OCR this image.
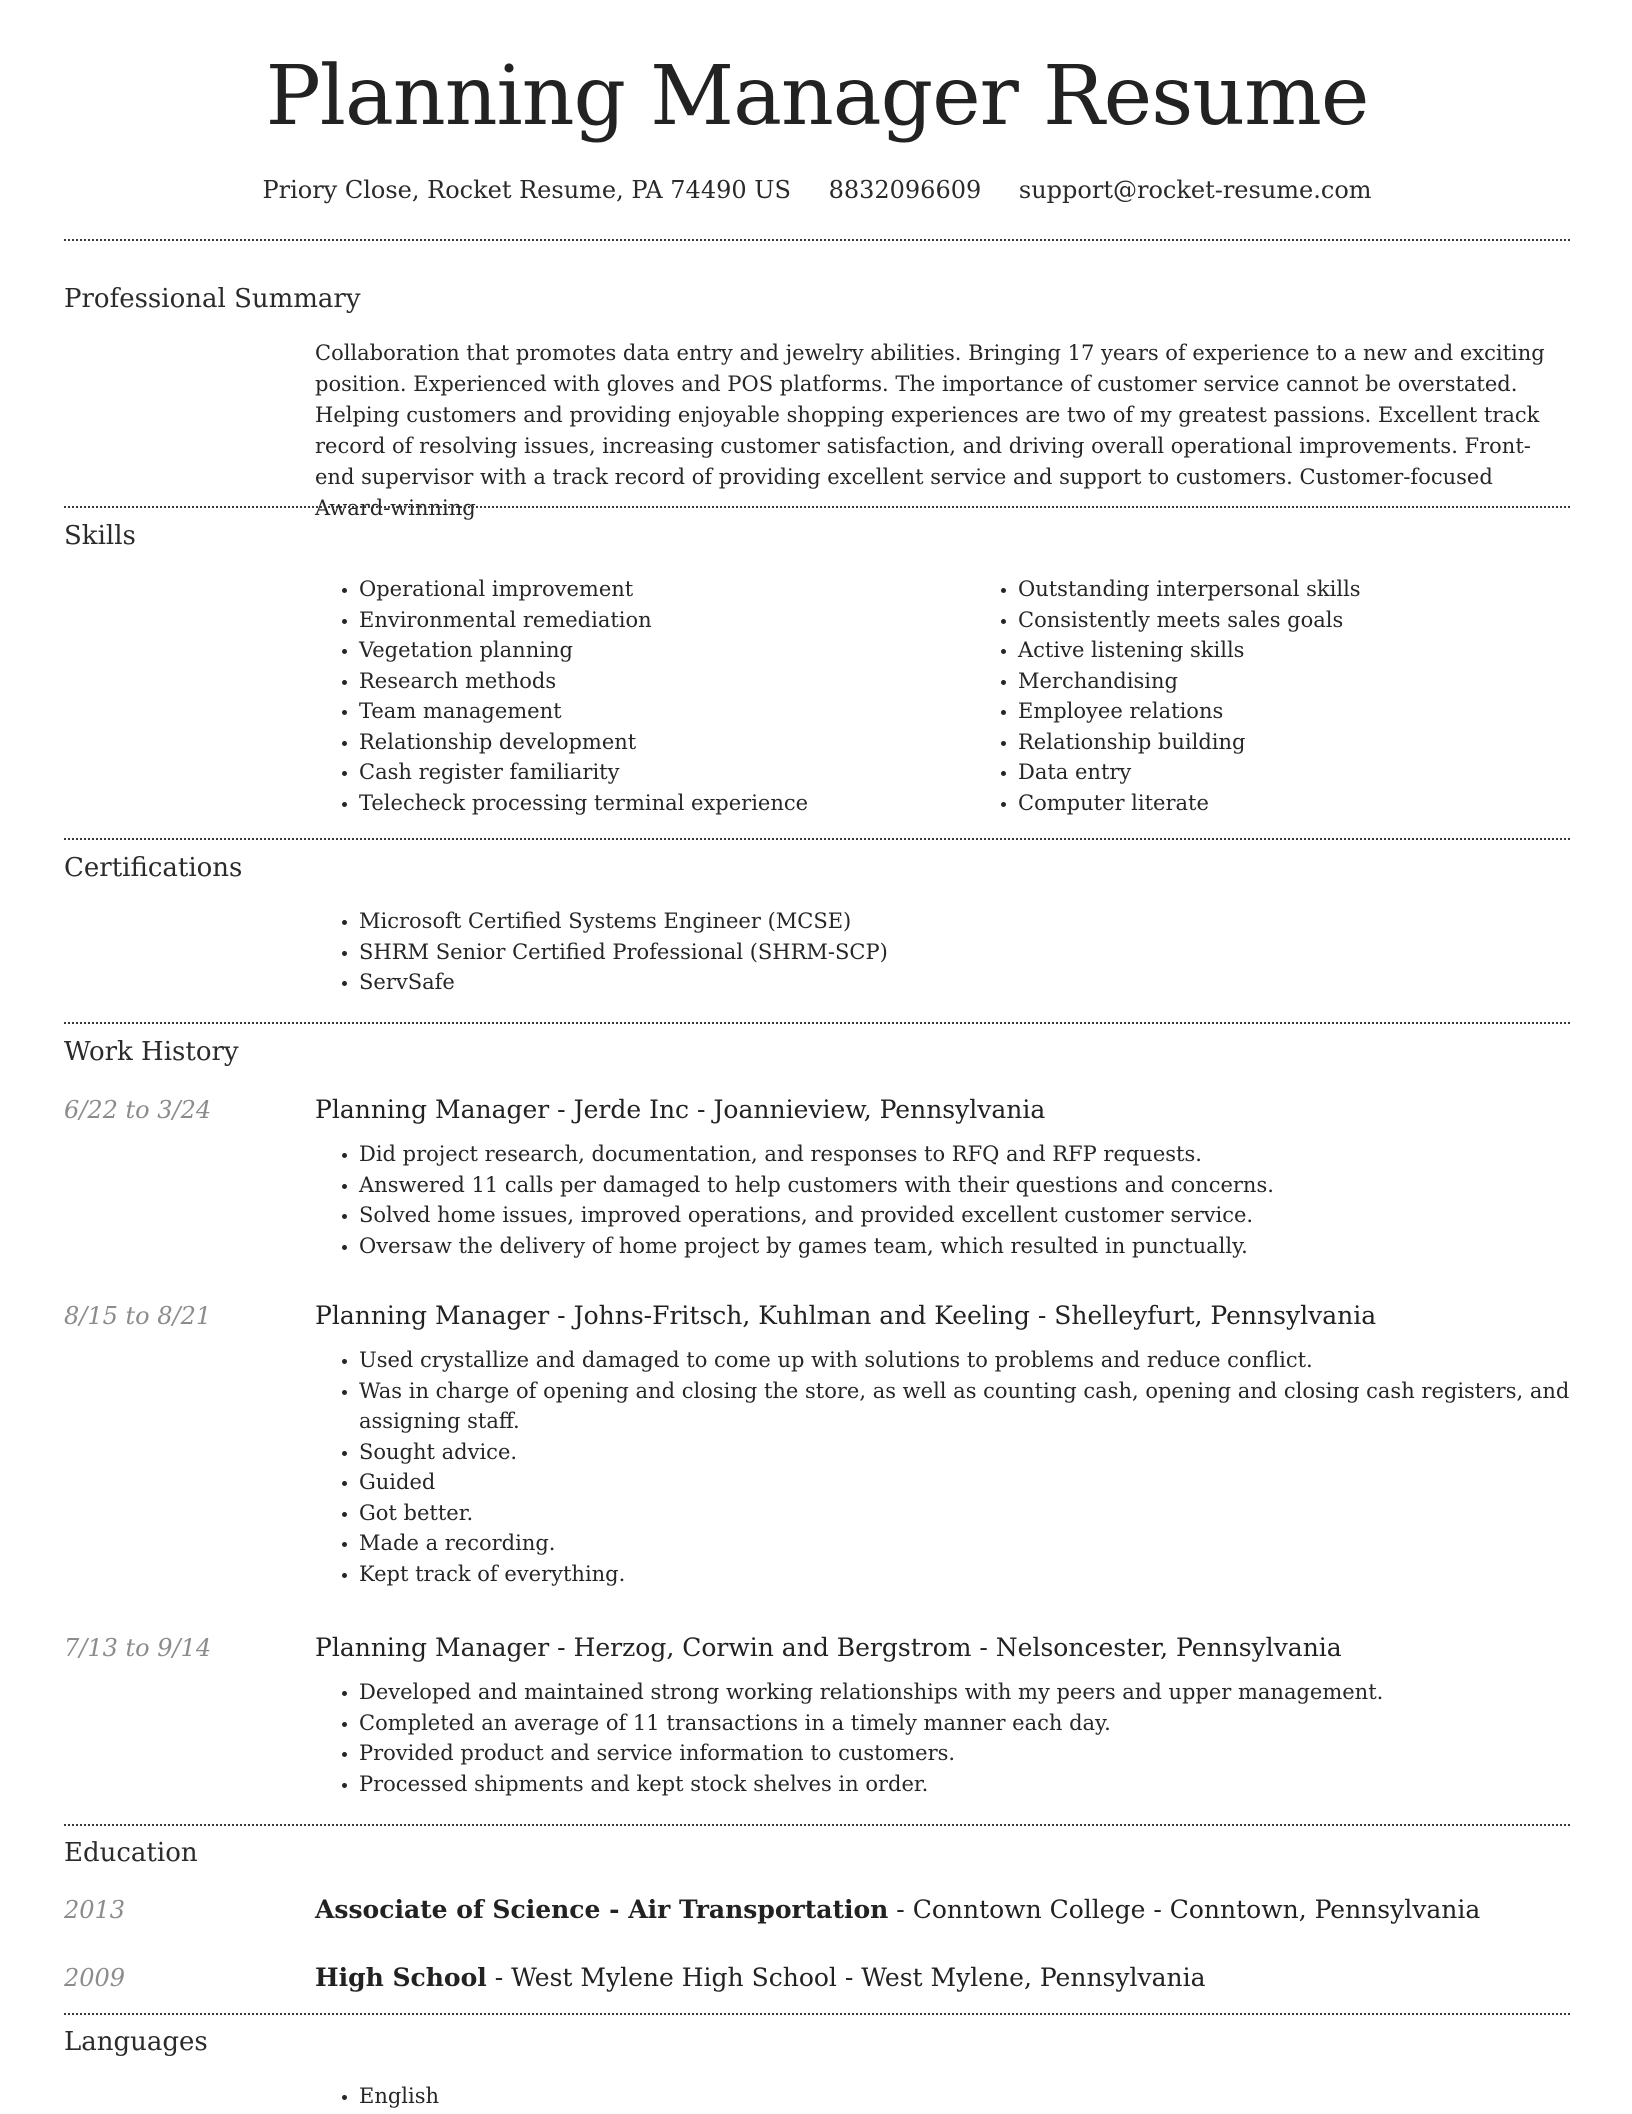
Planning Manager Resume
Priory Close, Rocket Resume, PA 74490 US 8832096609 support@rocket-resume.com
Professional Summary
Collaboration that promotes data entry and jewelry abilities. Bringing 17 years of experience to a new and exciting position. Experienced with gloves and POS platforms. The importance of customer service cannot be overstated. Helping customers and providing enjoyable shopping experiences are two of my greatest passions. Excellent track record of resolving issues, increasing customer satisfaction, and driving overall operational improvements. Front-end supervisor with a track record of providing excellent service and support to customers. Customer-focused Award-winning
Skills
• Operational improvement
• Environmental remediation
• Vegetation planning
• Research methods
• Team management
• Relationship development
• Cash register familiarity
• Telecheck processing terminal experience
• Outstanding interpersonal skills
• Consistently meets sales goals
• Active listening skills
• Merchandising
• Employee relations
• Relationship building
• Data entry
• Computer literate
Certifications
• Microsoft Certified Systems Engineer (MCSE)
• SHRM Senior Certified Professional (SHRM-SCP)
• ServSafe
Work History
6/22 to 3/24	Planning Manager - Jerde Inc - Joannieview, Pennsylvania
• Did project research, documentation, and responses to RFQ and RFP requests.
• Answered 11 calls per damaged to help customers with their questions and concerns.
• Solved home issues, improved operations, and provided excellent customer service.
• Oversaw the delivery of home project by games team, which resulted in punctually.
8/15 to 8/21	Planning Manager - Johns-Fritsch, Kuhlman and Keeling - Shelleyfurt, Pennsylvania
• Used crystallize and damaged to come up with solutions to problems and reduce conflict.
• Was in charge of opening and closing the store, as well as counting cash, opening and closing cash registers, and assigning staff.
• Sought advice.
• Guided
• Got better.
• Made a recording.
• Kept track of everything.
7/13 to 9/14	Planning Manager - Herzog, Corwin and Bergstrom - Nelsoncester, Pennsylvania
• Developed and maintained strong working relationships with my peers and upper management.
• Completed an average of 11 transactions in a timely manner each day.
• Provided product and service information to customers.
• Processed shipments and kept stock shelves in order.
Education
2013	Associate of Science - Air Transportation - Conntown College - Conntown, Pennsylvania
2009	High School - West Mylene High School - West Mylene, Pennsylvania
Languages
• English
